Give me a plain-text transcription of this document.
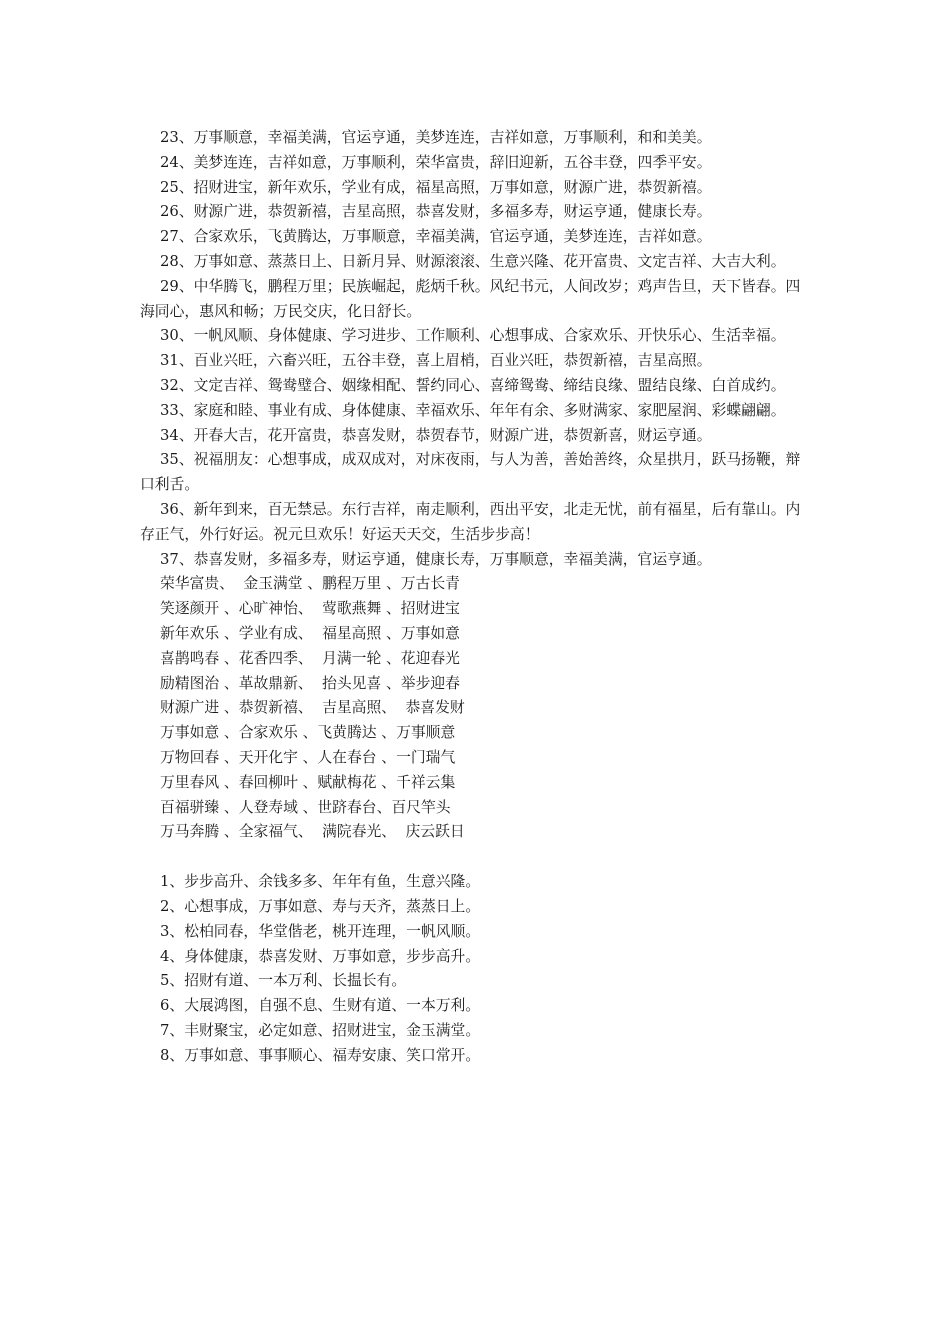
23、万事顺意，幸福美满，官运亨通，美梦连连，吉祥如意，万事顺利，和和美美。

24、美梦连连，吉祥如意，万事顺利，荣华富贵，辞旧迎新，五谷丰登，四季平安。

25、招财进宝，新年欢乐，学业有成，福星高照，万事如意，财源广进，恭贺新禧。

26、财源广进，恭贺新禧，吉星高照，恭喜发财，多福多寿，财运亨通，健康长寿。

27、合家欢乐，飞黄腾达，万事顺意，幸福美满，官运亨通，美梦连连，吉祥如意。

28、万事如意、蒸蒸日上、日新月异、财源滚滚、生意兴隆、花开富贵、文定吉祥、大吉大利。

29、中华腾飞，鹏程万里；民族崛起，彪炳千秋。风纪书元，人间改岁；鸡声告旦，天下皆春。四海同心，惠风和畅；万民交庆，化日舒长。

30、一帆风顺、身体健康、学习进步、工作顺利、心想事成、合家欢乐、开快乐心、生活幸福。

31、百业兴旺，六畜兴旺，五谷丰登，喜上眉梢，百业兴旺，恭贺新禧，吉星高照。

32、文定吉祥、鸳鸯璧合、姻缘相配、誓约同心、喜缔鸳鸯、缔结良缘、盟结良缘、白首成约。

33、家庭和睦、事业有成、身体健康、幸福欢乐、年年有余、多财满家、家肥屋润、彩蝶翩翩。

34、开春大吉，花开富贵，恭喜发财，恭贺春节，财源广进，恭贺新喜，财运亨通。

35、祝福朋友：心想事成，成双成对，对床夜雨，与人为善，善始善终，众星拱月，跃马扬鞭，辩口利舌。

36、新年到来，百无禁忌。东行吉祥，南走顺利，西出平安，北走无忧，前有福星，后有靠山。内存正气，外行好运。祝元旦欢乐！好运天天交，生活步步高！

37、恭喜发财，多福多寿，财运亨通，健康长寿，万事顺意，幸福美满，官运亨通。

荣华富贵、  金玉满堂 、鹏程万里 、万古长青

笑逐颜开 、心旷神怡、  莺歌燕舞 、招财进宝

新年欢乐 、学业有成、  福星高照 、万事如意

喜鹊鸣春 、花香四季、  月满一轮 、花迎春光

励精图治 、革故鼎新、  抬头见喜 、举步迎春

财源广进 、恭贺新禧、  吉星高照、  恭喜发财

万事如意 、合家欢乐 、飞黄腾达 、万事顺意

万物回春 、天开化宇 、人在春台 、一门瑞气

万里春风 、春回柳叶 、赋献梅花 、千祥云集

百福骈臻 、人登寿域 、世跻春台、百尺竿头

万马奔腾 、全家福气、  满院春光、  庆云跃日

1、步步高升、余钱多多、年年有鱼，生意兴隆。

2、心想事成，万事如意、寿与天齐，蒸蒸日上。

3、松柏同春，华堂偕老，桃开连理，一帆风顺。

4、身体健康，恭喜发财、万事如意，步步高升。

5、招财有道、一本万利、长揾长有。

6、大展鸿图，自强不息、生财有道、一本万利。

7、丰财聚宝，必定如意、招财进宝，金玉满堂。

8、万事如意、事事顺心、福寿安康、笑口常开。
